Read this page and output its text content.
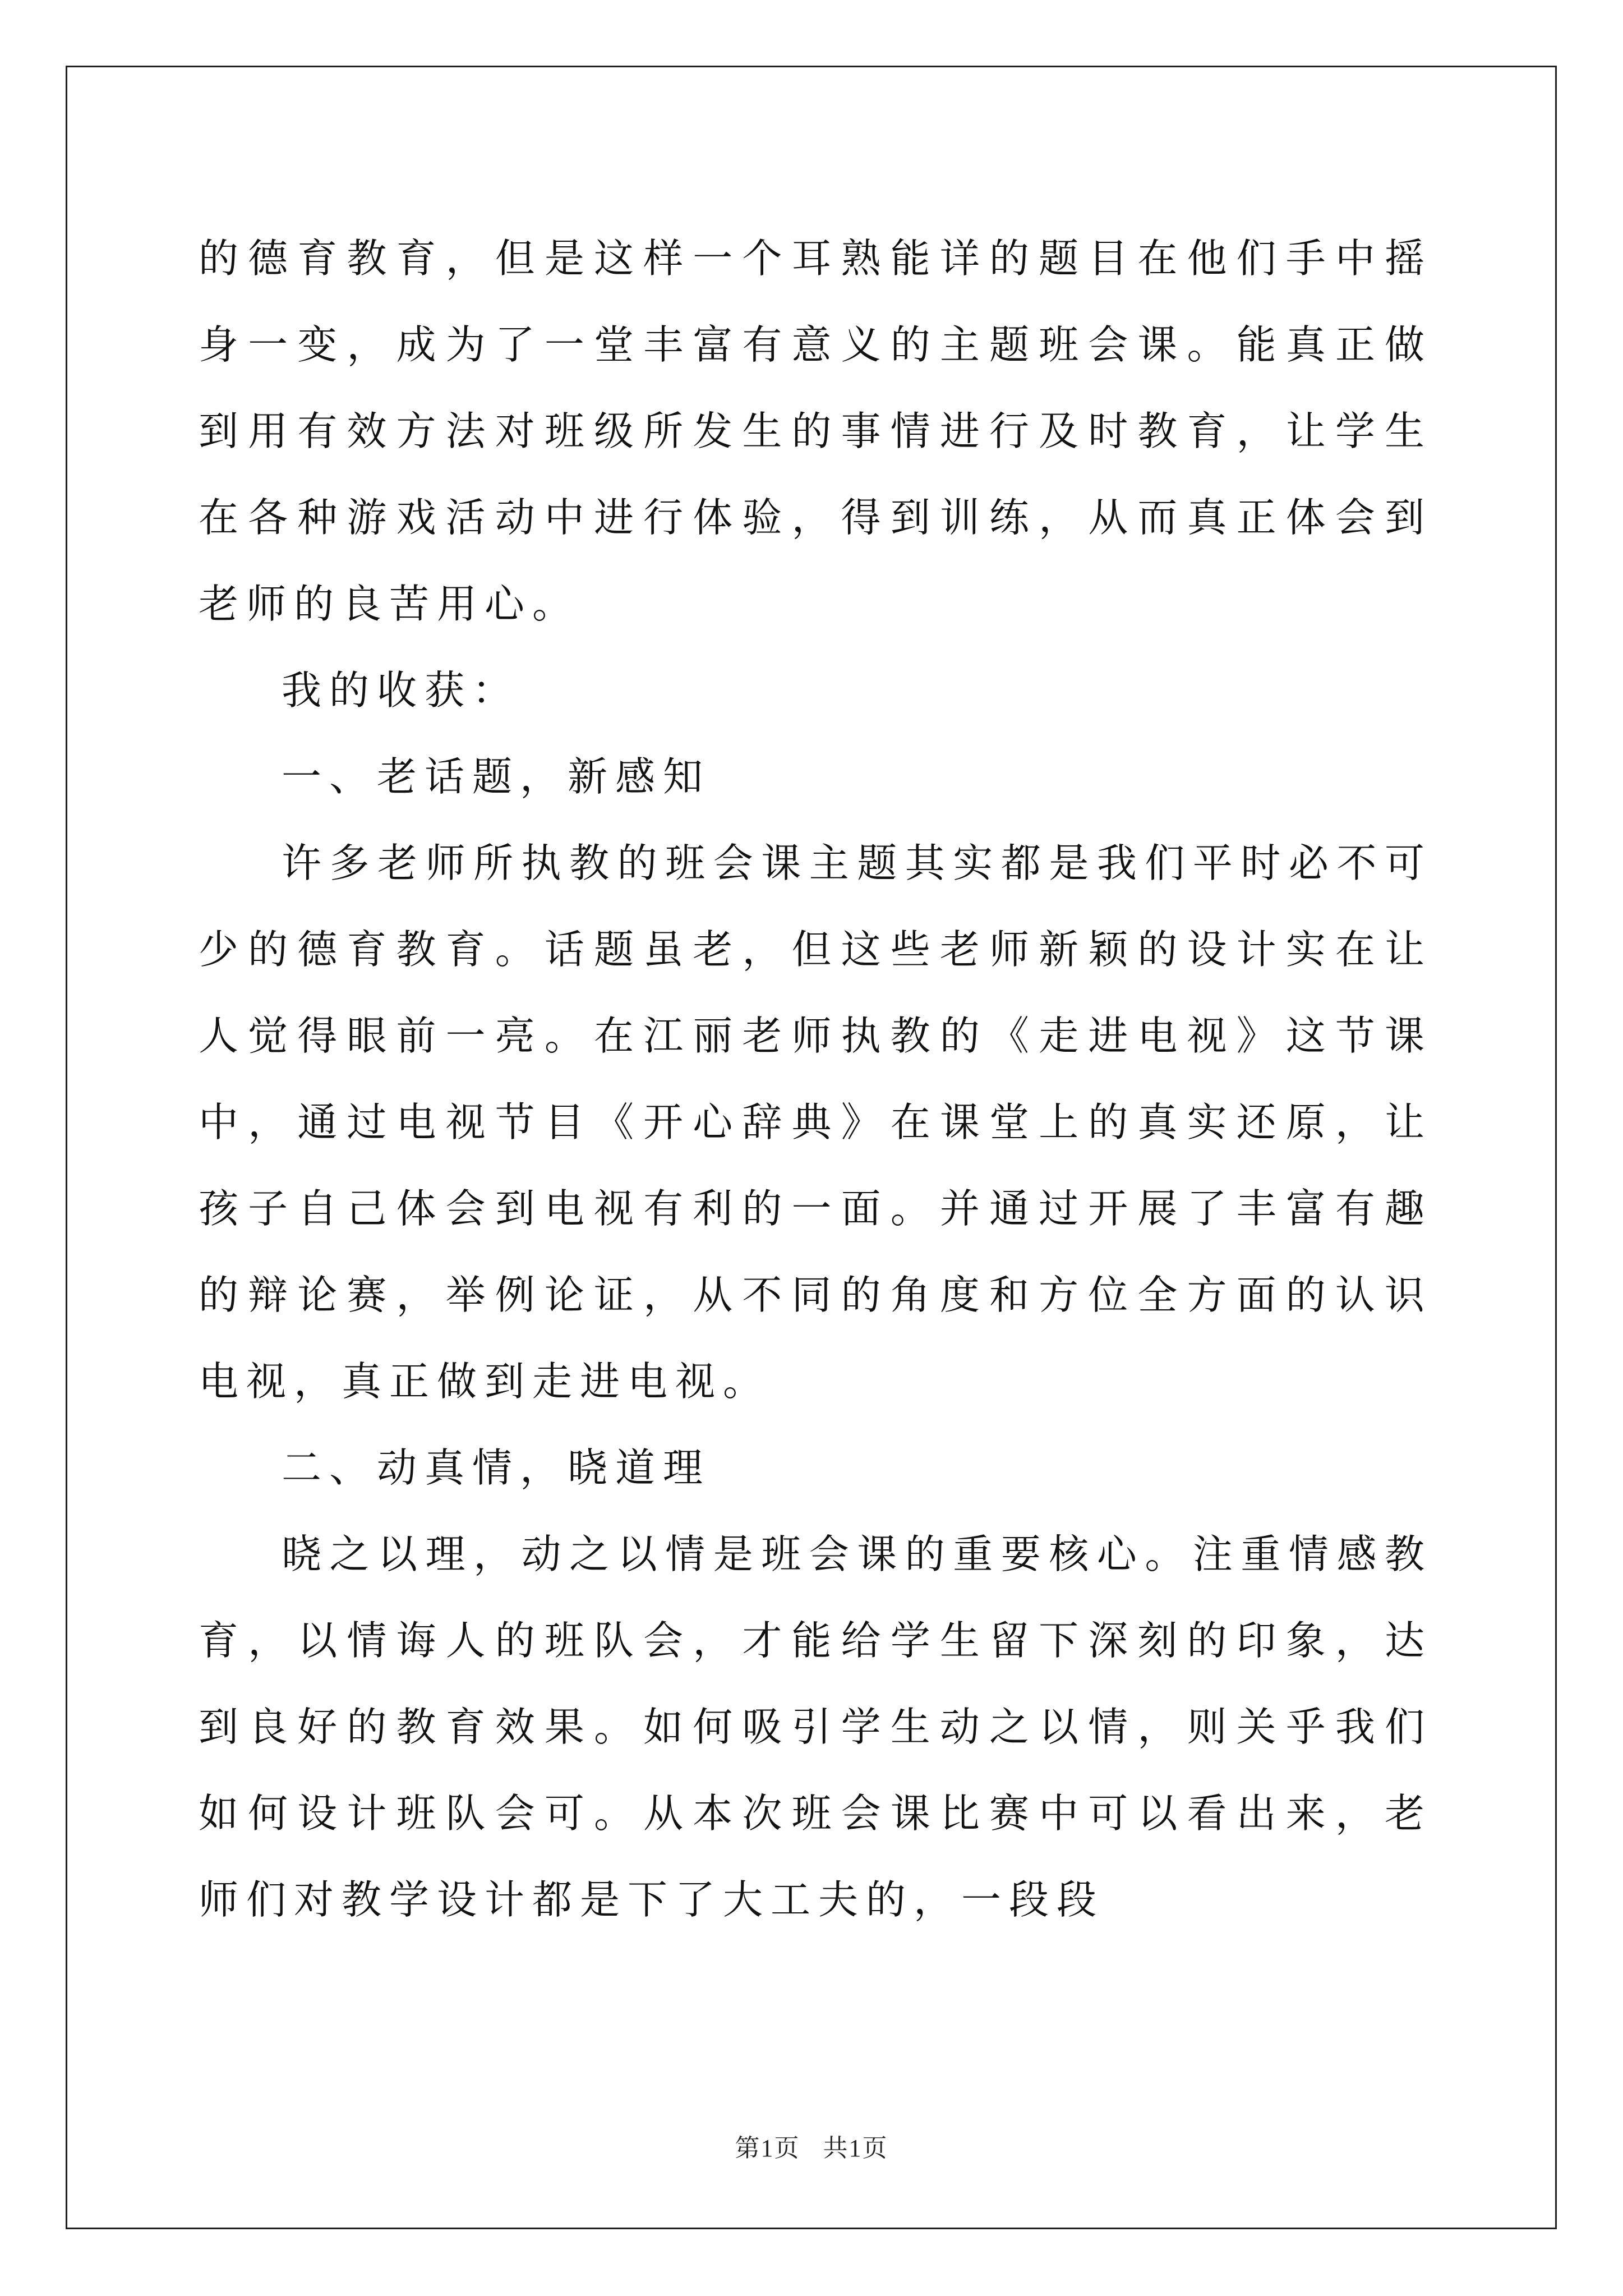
的德育教育，但是这样一个耳熟能详的题目在他们手中摇身一变，成为了一堂丰富有意义的主题班会课。能真正做到用有效方法对班级所发生的事情进行及时教育，让学生在各种游戏活动中进行体验，得到训练，从而真正体会到老师的良苦用心。

我的收获：

一、老话题，新感知

许多老师所执教的班会课主题其实都是我们平时必不可少的德育教育。话题虽老，但这些老师新颖的设计实在让人觉得眼前一亮。在江丽老师执教的《走进电视》这节课中，通过电视节目《开心辞典》在课堂上的真实还原，让孩子自己体会到电视有利的一面。并通过开展了丰富有趣的辩论赛，举例论证，从不同的角度和方位全方面的认识电视，真正做到走进电视。

二、动真情，晓道理

晓之以理，动之以情是班会课的重要核心。注重情感教育，以情诲人的班队会，才能给学生留下深刻的印象，达到良好的教育效果。如何吸引学生动之以情，则关乎我们如何设计班队会可。从本次班会课比赛中可以看出来，老师们对教学设计都是下了大工夫的，一段段

第1页 共1页
